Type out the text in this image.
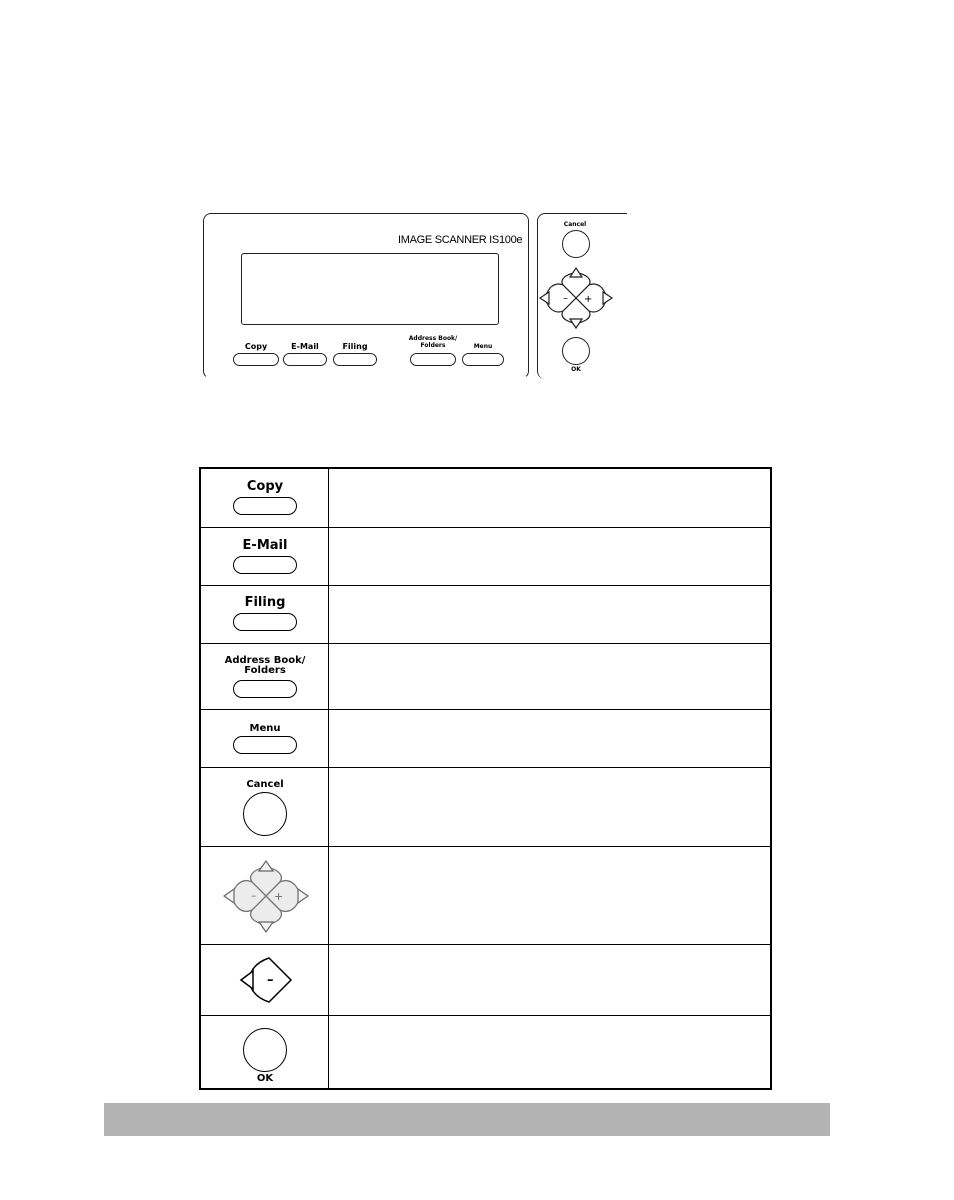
IMAGE SCANNER IS100e
Copy	E-Mail	Filing
Address Book/
Folders	Menu
Cancel
– +
OK
Copy
E-Mail
Filing
Address Book/
Folders
Menu
Cancel
– +
–
OK
